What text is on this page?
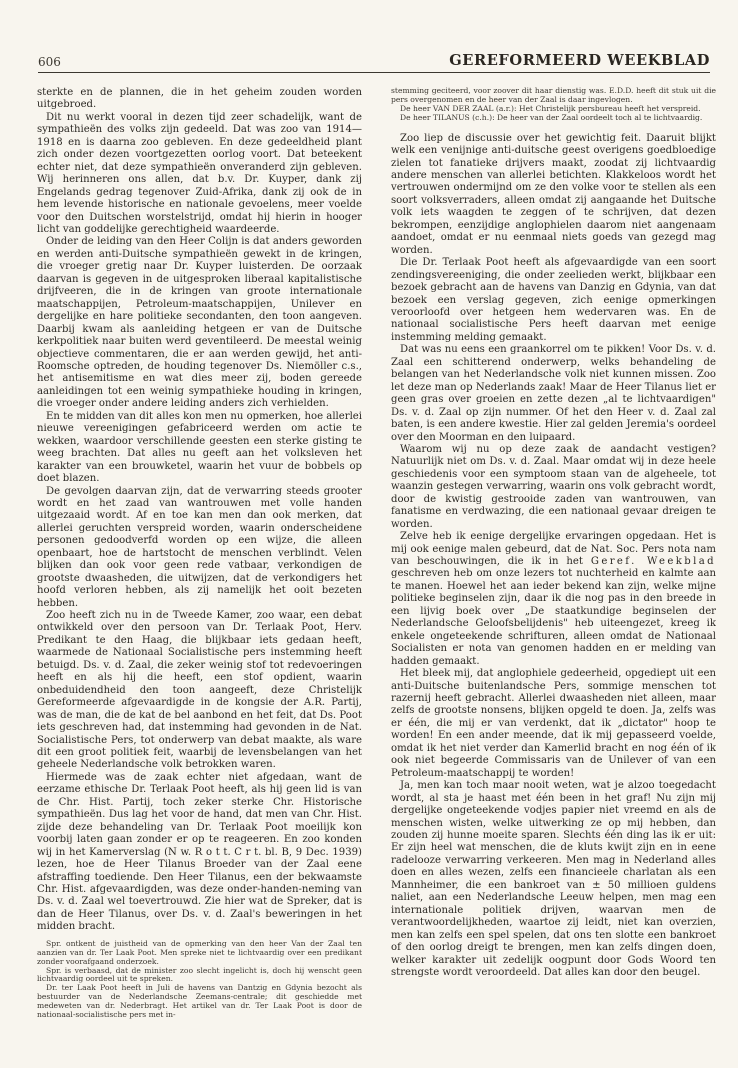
606	GEREFORMEERD WEEKBLAD

sterkte en de plannen, die in het geheim zouden worden uitgebroed.

Dit nu werkt vooral in dezen tijd zeer schadelijk, want de sympathieën des volks zijn gedeeld. Dat was zoo van 1914—1918 en is daarna zoo gebleven. En deze gedeeldheid plant zich onder dezen voortgezetten oorlog voort. Dat beteekent echter niet, dat deze sympathieën onveranderd zijn gebleven. Wij herinneren ons allen, dat b.v. Dr. Kuyper, dank zij Engelands gedrag tegenover Zuid-Afrika, dank zij ook de in hem levende historische en nationale gevoelens, meer voelde voor den Duitschen worstelstrijd, omdat hij hierin in hooger licht van goddelijke gerechtigheid waardeerde.

Onder de leiding van den Heer Colijn is dat anders geworden en werden anti-Duitsche sympathieën gewekt in de kringen, die vroeger gretig naar Dr. Kuyper luisterden. De oorzaak daarvan is gegeven in de uitgesproken liberaal kapitalistische drijfveeren, die in de kringen van groote internationale maatschappijen, Petroleum-maatschappijen, Unilever en dergelijke en hare politieke secondanten, den toon aangeven. Daarbij kwam als aanleiding hetgeen er van de Duitsche kerkpolitiek naar buiten werd geventileerd. De meestal weinig objectieve commentaren, die er aan werden gewijd, het anti-Roomsche optreden, de houding tegenover Ds. Niemöller c.s., het antisemitisme en wat dies meer zij, boden gereede aanleidingen tot een weinig sympathieke houding in kringen, die vroeger onder andere leiding anders zich verhielden.

En te midden van dit alles kon men nu opmerken, hoe allerlei nieuwe vereenigingen gefabriceerd werden om actie te wekken, waardoor verschillende geesten een sterke gisting te weeg brachten. Dat alles nu geeft aan het volksleven het karakter van een brouwketel, waarin het vuur de bobbels op doet blazen.

De gevolgen daarvan zijn, dat de verwarring steeds grooter wordt en het zaad van wantrouwen met volle handen uitgezaaid wordt. Af en toe kan men dan ook merken, dat allerlei geruchten verspreid worden, waarin onderscheidene personen gedoodverfd worden op een wijze, die alleen openbaart, hoe de hartstocht de menschen verblindt. Velen blijken dan ook voor geen rede vatbaar, verkondigen de grootste dwaasheden, die uitwijzen, dat de verkondigers het hoofd verloren hebben, als zij namelijk het ooit bezeten hebben.

Zoo heeft zich nu in de Tweede Kamer, zoo waar, een debat ontwikkeld over den persoon van Dr. Terlaak Poot, Herv. Predikant te den Haag, die blijkbaar iets gedaan heeft, waarmede de Nationaal Socialistische pers instemming heeft betuigd. Ds. v. d. Zaal, die zeker weinig stof tot redevoeringen heeft en als hij die heeft, een stof opdient, waarin onbeduidendheid den toon aangeeft, deze Christelijk Gereformeerde afgevaardigde in de kongsie der A.R. Partij, was de man, die de kat de bel aanbond en het feit, dat Ds. Poot iets geschreven had, dat instemming had gevonden in de Nat. Socialistische Pers, tot onderwerp van debat maakte, als ware dit een groot politiek feit, waarbij de levensbelangen van het geheele Nederlandsche volk betrokken waren.

Hiermede was de zaak echter niet afgedaan, want de eerzame ethische Dr. Terlaak Poot heeft, als hij geen lid is van de Chr. Hist. Partij, toch zeker sterke Chr. Historische sympathieën. Dus lag het voor de hand, dat men van Chr. Hist. zijde deze behandeling van Dr. Terlaak Poot moeilijk kon voorbij laten gaan zonder er op te reageeren. En zoo konden wij in het Kamerverslag (N w. R o t t. C r t. bl. B, 9 Dec. 1939) lezen, hoe de Heer Tilanus Broeder van der Zaal eene afstraffing toediende. Den Heer Tilanus, een der bekwaamste Chr. Hist. afgevaardigden, was deze onder-handen-neming van Ds. v. d. Zaal wel toevertrouwd. Zie hier wat de Spreker, dat is dan de Heer Tilanus, over Ds. v. d. Zaal's beweringen in het midden bracht.

Spr. ontkent de juistheid van de opmerking van den heer Van der Zaal ten aanzien van dr. Ter Laak Poot. Men spreke niet te lichtvaardig over een predikant zonder voorafgaand onderzoek.

Spr. is verbaasd, dat de minister zoo slecht ingelicht is, doch hij wenscht geen lichtvaardig oordeel uit te spreken.

Dr. ter Laak Poot heeft in Juli de havens van Dantzig en Gdynia bezocht als bestuurder van de Nederlandsche Zeemans-centrale; dit geschiedde met medeweten van dr. Nederbragt. Het artikel van dr. Ter Laak Poot is door de nationaal-socialistische pers met in-

stemming geciteerd, voor zoover dit haar dienstig was. E.D.D. heeft dit stuk uit die pers overgenomen en de heer van der Zaal is daar ingevlogen.

De heer VAN DER ZAAL (a.r.): Het Christelijk persbureau heeft het verspreid.

De heer TILANUS (c.h.): De heer van der Zaal oordeelt toch al te lichtvaardig.

Zoo liep de discussie over het gewichtig feit. Daaruit blijkt welk een venijnige anti-duitsche geest overigens goedbloedige zielen tot fanatieke drijvers maakt, zoodat zij lichtvaardig andere menschen van allerlei betichten. Klakkeloos wordt het vertrouwen ondermijnd om ze den volke voor te stellen als een soort volksverraders, alleen omdat zij aangaande het Duitsche volk iets waagden te zeggen of te schrijven, dat dezen bekrompen, eenzijdige anglophielen daarom niet aangenaam aandoet, omdat er nu eenmaal niets goeds van gezegd mag worden.

Die Dr. Terlaak Poot heeft als afgevaardigde van een soort zendingsvereeniging, die onder zeelieden werkt, blijkbaar een bezoek gebracht aan de havens van Danzig en Gdynia, van dat bezoek een verslag gegeven, zich eenige opmerkingen veroorloofd over hetgeen hem wedervaren was. En de nationaal socialistische Pers heeft daarvan met eenige instemming melding gemaakt.

Dat was nu eens een graankorrel om te pikken! Voor Ds. v. d. Zaal een schitterend onderwerp, welks behandeling de belangen van het Nederlandsche volk niet kunnen missen. Zoo let deze man op Nederlands zaak! Maar de Heer Tilanus liet er geen gras over groeien en zette dezen „al te lichtvaardigen" Ds. v. d. Zaal op zijn nummer. Of het den Heer v. d. Zaal zal baten, is een andere kwestie. Hier zal gelden Jeremia's oordeel over den Moorman en den luipaard.

Waarom wij nu op deze zaak de aandacht vestigen? Natuurlijk niet om Ds. v. d. Zaal. Maar omdat wij in deze heele geschiedenis voor een symptoom staan van de algeheele, tot waanzin gestegen verwarring, waarin ons volk gebracht wordt, door de kwistig gestrooide zaden van wantrouwen, van fanatisme en verdwazing, die een nationaal gevaar dreigen te worden.

Zelve heb ik eenige dergelijke ervaringen opgedaan. Het is mij ook eenige malen gebeurd, dat de Nat. Soc. Pers nota nam van beschouwingen, die ik in het Geref. Weekblad geschreven heb om onze lezers tot nuchterheid en kalmte aan te manen. Hoewel het aan ieder bekend kan zijn, welke mijne politieke beginselen zijn, daar ik die nog pas in den breede in een lijvig boek over „De staatkundige beginselen der Nederlandsche Geloofsbelijdenis" heb uiteengezet, kreeg ik enkele ongeteekende schrifturen, alleen omdat de Nationaal Socialisten er nota van genomen hadden en er melding van hadden gemaakt.

Het bleek mij, dat anglophiele gedeerheid, opgediept uit een anti-Duitsche buitenlandsche Pers, sommige menschen tot razernij heeft gebracht. Allerlei dwaasheden niet alleen, maar zelfs de grootste nonsens, blijken opgeld te doen. Ja, zelfs was er één, die mij er van verdenkt, dat ik „dictator" hoop te worden! En een ander meende, dat ik mij gepasseerd voelde, omdat ik het niet verder dan Kamerlid bracht en nog één of ik ook niet begeerde Commissaris van de Unilever of van een Petroleum-maatschappij te worden!

Ja, men kan toch maar nooit weten, wat je alzoo toegedacht wordt, al sta je haast met één been in het graf! Nu zijn mij dergelijke ongeteekende vodjes papier niet vreemd en als de menschen wisten, welke uitwerking ze op mij hebben, dan zouden zij hunne moeite sparen. Slechts één ding las ik er uit: Er zijn heel wat menschen, die de kluts kwijt zijn en in eene radelooze verwarring verkeeren. Men mag in Nederland alles doen en alles wezen, zelfs een financieele charlatan als een Mannheimer, die een bankroet van ± 50 millioen guldens naliet, aan een Nederlandsche Leeuw helpen, men mag een internationale politiek drijven, waarvan men de verantwoordelijkheden, waartoe zij leidt, niet kan overzien, men kan zelfs een spel spelen, dat ons ten slotte een bankroet of den oorlog dreigt te brengen, men kan zelfs dingen doen, welker karakter uit zedelijk oogpunt door Gods Woord ten strengste wordt veroordeeld. Dat alles kan door den beugel.
